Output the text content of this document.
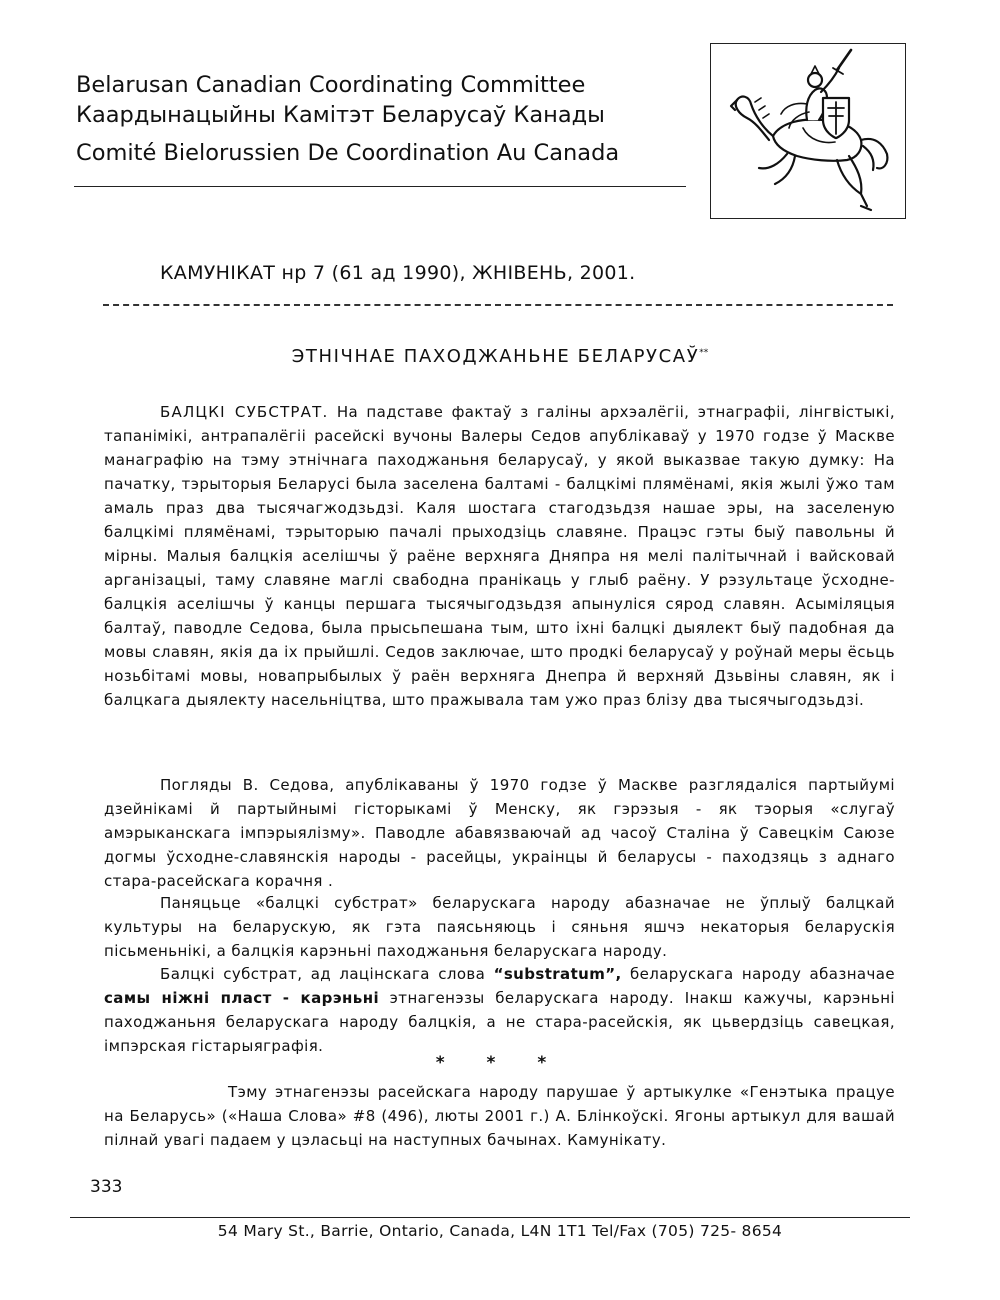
Belarusan Canadian Coordinating Committee
Каардынацыйны Камітэт Беларусаў Канады
Comité Bielorussien De Coordination Au Canada
КАМУНІКАТ нр 7 (61 ад 1990), ЖНІВЕНЬ, 2001.
ЭТНІЧНАЕ ПАХОДЖАНЬНЕ БЕЛАРУСАЎ**
БАЛЦКІ СУБСТРАТ. На падставе фактаў з галіны архэалёгіі, этнаграфіі, лінгвістыкі, тапанімікі, антрапалёгіі расейскі вучоны Валеры Седов апублікаваў у 1970 годзе ў Маскве манаграфію на тэму этнічнага паходжаньня беларусаў, у якой выказвае такую думку: На пачатку, тэрыторыя Беларусі была заселена балтамі - балцкімі плямёнамі, якія жылі ўжо там амаль праз два тысячагжодзьдзі. Каля шостага стагодзьдзя нашае эры, на заселеную балцкімі плямёнамі, тэрыторыю пачалі прыходзіць славяне. Працэс гэты быў павольны й мірны. Малыя балцкія аселішчы ў раёне верхняга Дняпра ня мелі палітычнай і вайсковай арганізацыі, таму славяне маглі свабодна пранікаць у глыб раёну. У рэзультаце ўсходне-балцкія аселішчы ў канцы першага тысячыгодзьдзя апынуліся сярод славян. Асыміляцыя балтаў, паводле Седова, была прысьпешана тым, што іхні балцкі дыялект быў падобная да мовы славян, якія да іх прыйшлі. Седов заключае, што продкі беларусаў у роўнай меры ёсьць нозьбітамі мовы, новапрыбылых ў раён верхняга Днепра й верхняй Дзьвіны славян, як і балцкага дыялекту насельніцтва, што пражывала там ужо праз блізу два тысячыгодзьдзі.
Погляды В. Седова, апублікаваны ў 1970 годзе ў Маскве разглядаліся партыйумі дзейнікамі й партыйнымі гісторыкамі ў Менску, як гэрэзыя - як тэорыя «слугаў амэрыканскага імпэрыялізму». Паводле абавязваючай ад часоў Сталіна ў Савецкім Саюзе догмы ўсходне-славянскія народы - расейцы, украінцы й беларусы - паходзяць з аднаго стара-расейскага корачня .
Паняцьце «балцкі субстрат» беларускага народу абазначае не ўплыў балцкай культуры на беларускую, як гэта паясьняюць і сяньня яшчэ некаторыя беларускія пісьменьнікі, а балцкія карэньні паходжаньня беларускага народу.
Балцкі субстрат, ад лацінскага слова “substratum”, беларускага народу абазначае самы ніжні пласт - карэньні этнагенэзы беларускага народу. Інакш кажучы, карэньні паходжаньня беларускага народу балцкія, а не стара-расейскія, як цьвердзіць савецкая, імпэрская гістарыяграфія.
* * *
Тэму этнагенэзы расейскага народу парушае ў артыкулке «Генэтыка працуе на Беларусь» («Наша Слова» #8 (496), люты 2001 г.) А. Блінкоўскі. Ягоны артыкул для вашай пілнай увагі падаем у цэласьці на наступных бачынах. Камунікату.
333
54 Mary St., Barrie, Ontario, Canada, L4N 1T1 Tel/Fax (705) 725- 8654
